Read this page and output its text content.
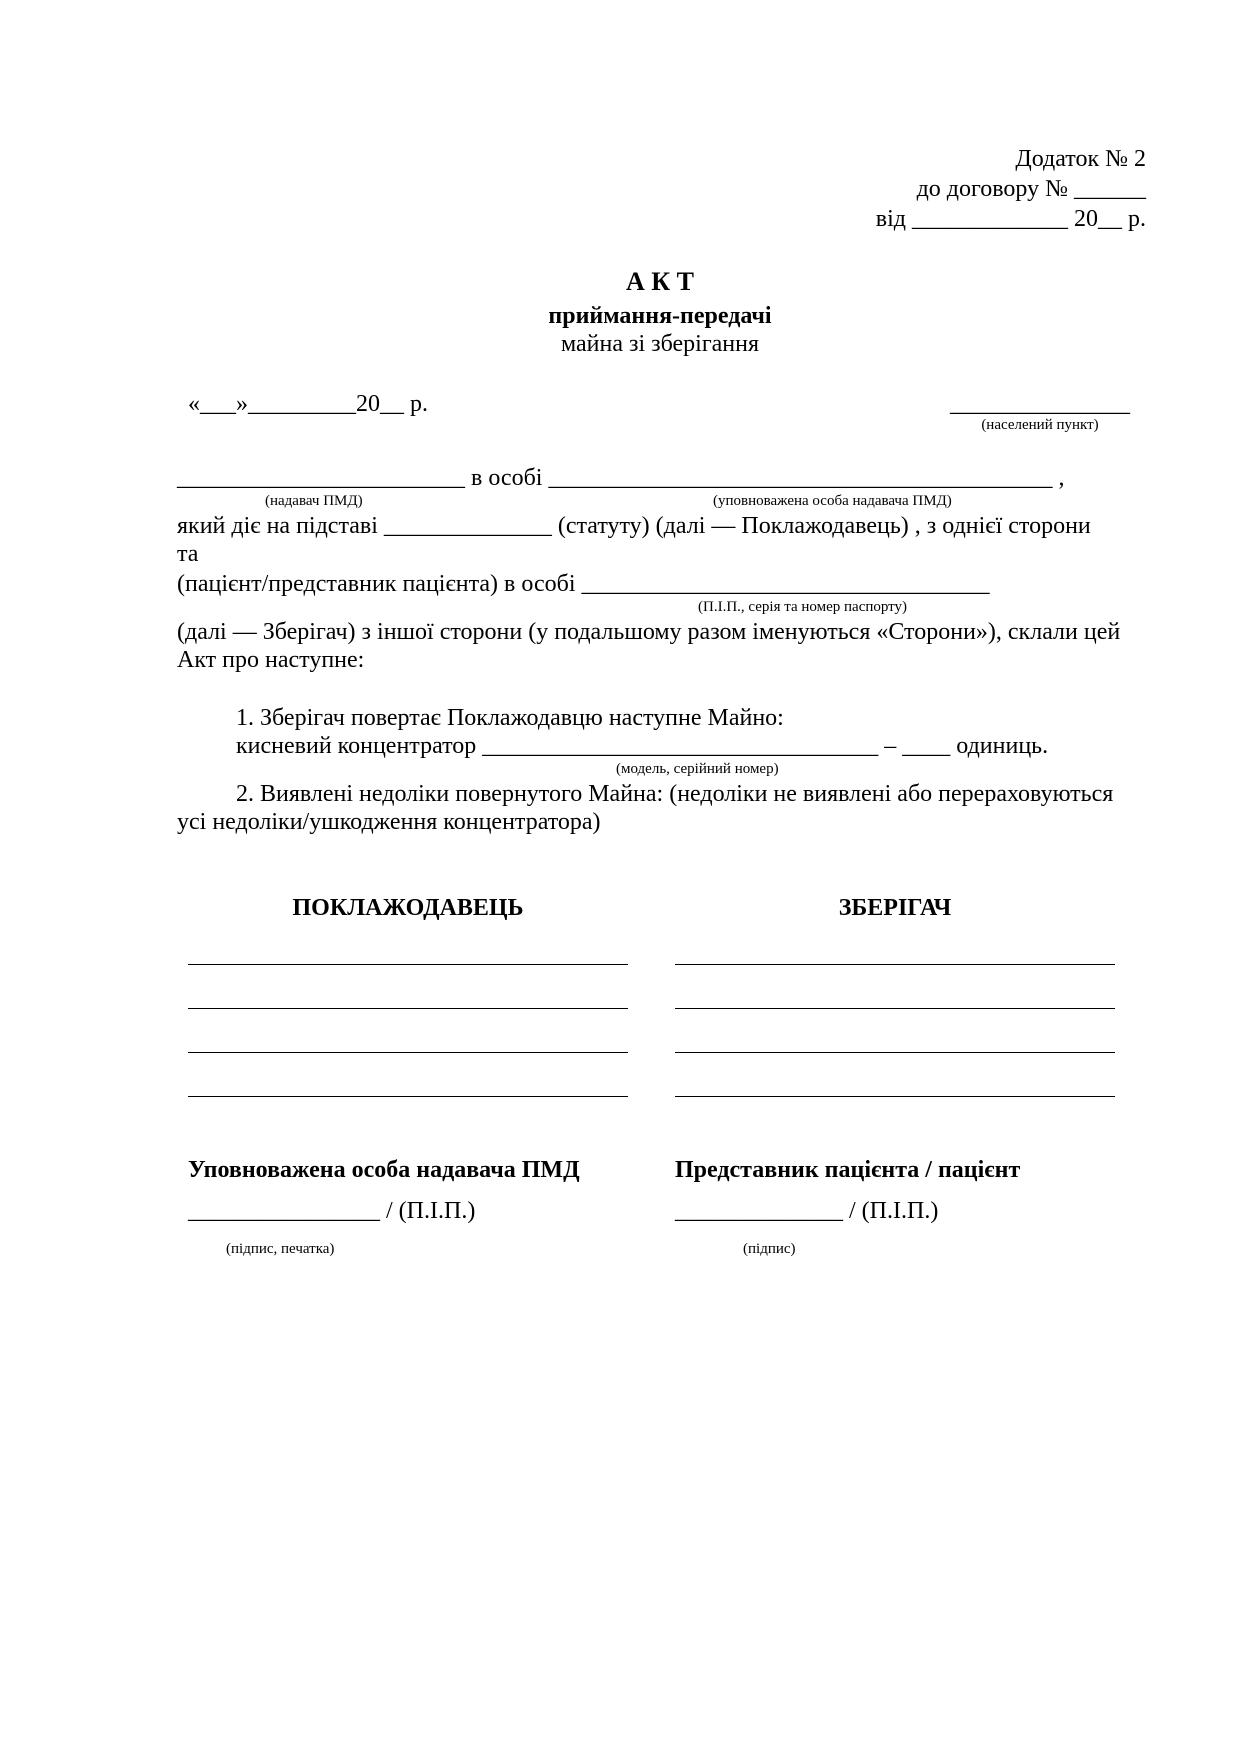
Додаток № 2
до договору № ______
від _____________ 20__ р.
А К Т
приймання-передачі
майна зі зберігання
«___»_________20__ р.	_______________
(населений пункт)
________________________ в особі __________________________________________ ,
(надавач ПМД)	(уповноважена особа надавача ПМД)
який діє на підставі ______________ (статуту) (далі — Поклажодавець) , з однієї сторони
та
(пацієнт/представник пацієнта) в особі __________________________________
(П.І.П., серія та номер паспорту)
(далі — Зберігач) з іншої сторони (у подальшому разом іменуються «Сторони»), склали цей
Акт про наступне:
1. Зберігач повертає Поклажодавцю наступне Майно:
кисневий концентратор _________________________________ – ____ одиниць.
(модель, серійний номер)
2. Виявлені недоліки повернутого Майна: (недоліки не виявлені або перераховуються
усі недоліки/ушкодження концентратора)
ПОКЛАЖОДАВЕЦЬ	ЗБЕРІГАЧ
Уповноважена особа надавача ПМД	Представник пацієнта / пацієнт
________________ / (П.І.П.)	______________ / (П.І.П.)
(підпис, печатка)	(підпис)
